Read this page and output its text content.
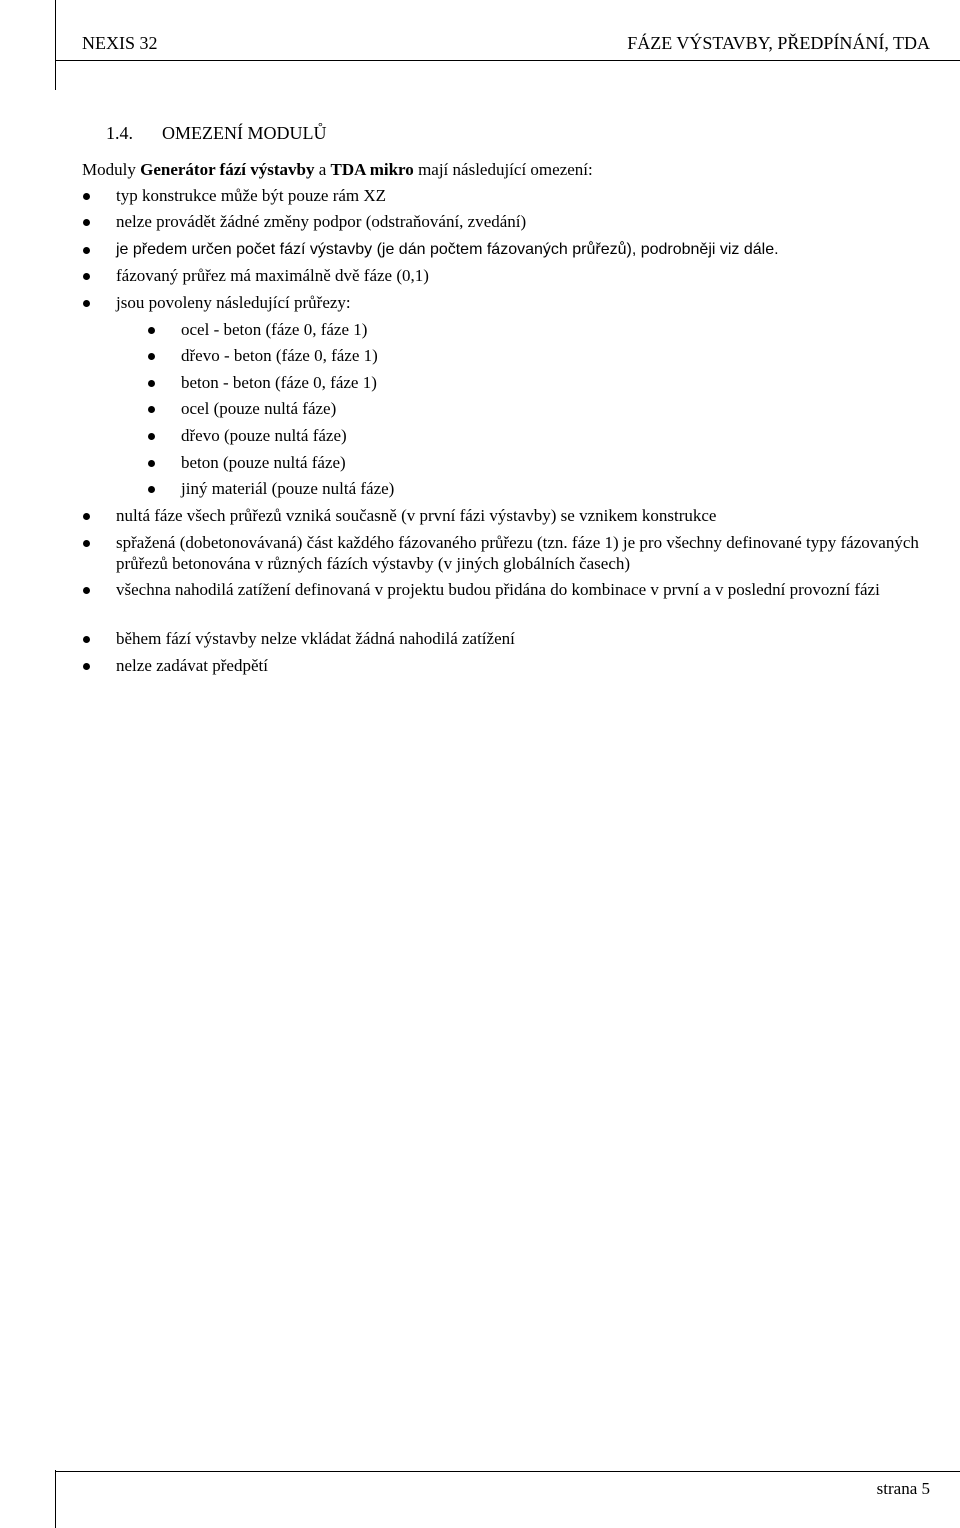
NEXIS 32	FÁZE VÝSTAVBY, PŘEDPÍNÁNÍ, TDA
1.4. OMEZENÍ MODULŮ

Moduly Generátor fází výstavby a TDA mikro mají následující omezení:

typ konstrukce může být pouze rám XZ
nelze provádět žádné změny podpor (odstraňování, zvedání)
je předem určen počet fází výstavby (je dán počtem fázovaných průřezů), podrobněji viz dále.
fázovaný průřez má maximálně dvě fáze (0,1)
jsou povoleny následující průřezy:
ocel - beton (fáze 0, fáze 1)
dřevo - beton (fáze 0, fáze 1)
beton - beton (fáze 0, fáze 1)
ocel (pouze nultá fáze)
dřevo (pouze nultá fáze)
beton (pouze nultá fáze)
jiný materiál (pouze nultá fáze)
nultá fáze všech průřezů vzniká současně (v první fázi výstavby) se vznikem konstrukce
spřažená (dobetonovávaná) část každého fázovaného průřezu (tzn. fáze 1) je pro všechny definované typy fázovaných průřezů betonována v různých fázích výstavby (v jiných globálních časech)
všechna nahodilá zatížení definovaná v projektu budou přidána do kombinace v první a v poslední provozní fázi
během fází výstavby nelze vkládat žádná nahodilá zatížení
nelze zadávat předpětí
strana 5
